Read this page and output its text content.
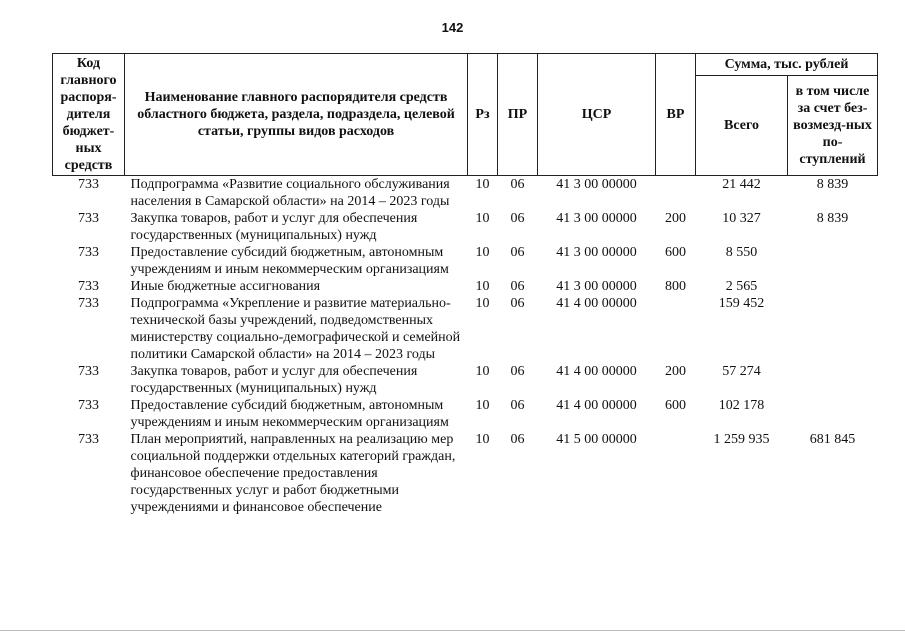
142
Код главного распоря-дителя бюджет-ных средств	Наименование главного распорядителя средств областного бюджета, раздела, подраздела, целевой статьи, группы видов расходов	Рз	ПР	ЦСР	ВР	Сумма, тыс. рублей	
						Всего	в том числе за счет без-возмезд-ных по-ступлений
733	Подпрограмма «Развитие социального обслуживания населения в Самарской области» на 2014 – 2023 годы	10	06	41 3 00 00000		21 442	8 839
733	Закупка товаров, работ и услуг для обеспечения государственных (муниципальных) нужд	10	06	41 3 00 00000	200	10 327	8 839
733	Предоставление субсидий бюджетным, автономным учреждениям и иным некоммерческим организациям	10	06	41 3 00 00000	600	8 550	
733	Иные бюджетные ассигнования	10	06	41 3 00 00000	800	2 565	
733	Подпрограмма «Укрепление и развитие материально-технической базы учреждений, подведомственных министерству социально-демографической и семейной политики Самарской области» на 2014 – 2023 годы	10	06	41 4 00 00000		159 452	
733	Закупка товаров, работ и услуг для обеспечения государственных (муниципальных) нужд	10	06	41 4 00 00000	200	57 274	
733	Предоставление субсидий бюджетным, автономным учреждениям и иным некоммерческим организациям	10	06	41 4 00 00000	600	102 178	
733	План мероприятий, направленных на реализацию мер социальной поддержки отдельных категорий граждан, финансовое обеспечение предоставления государственных услуг и работ бюджетными учреждениями и финансовое обеспечение	10	06	41 5 00 00000		1 259 935	681 845
